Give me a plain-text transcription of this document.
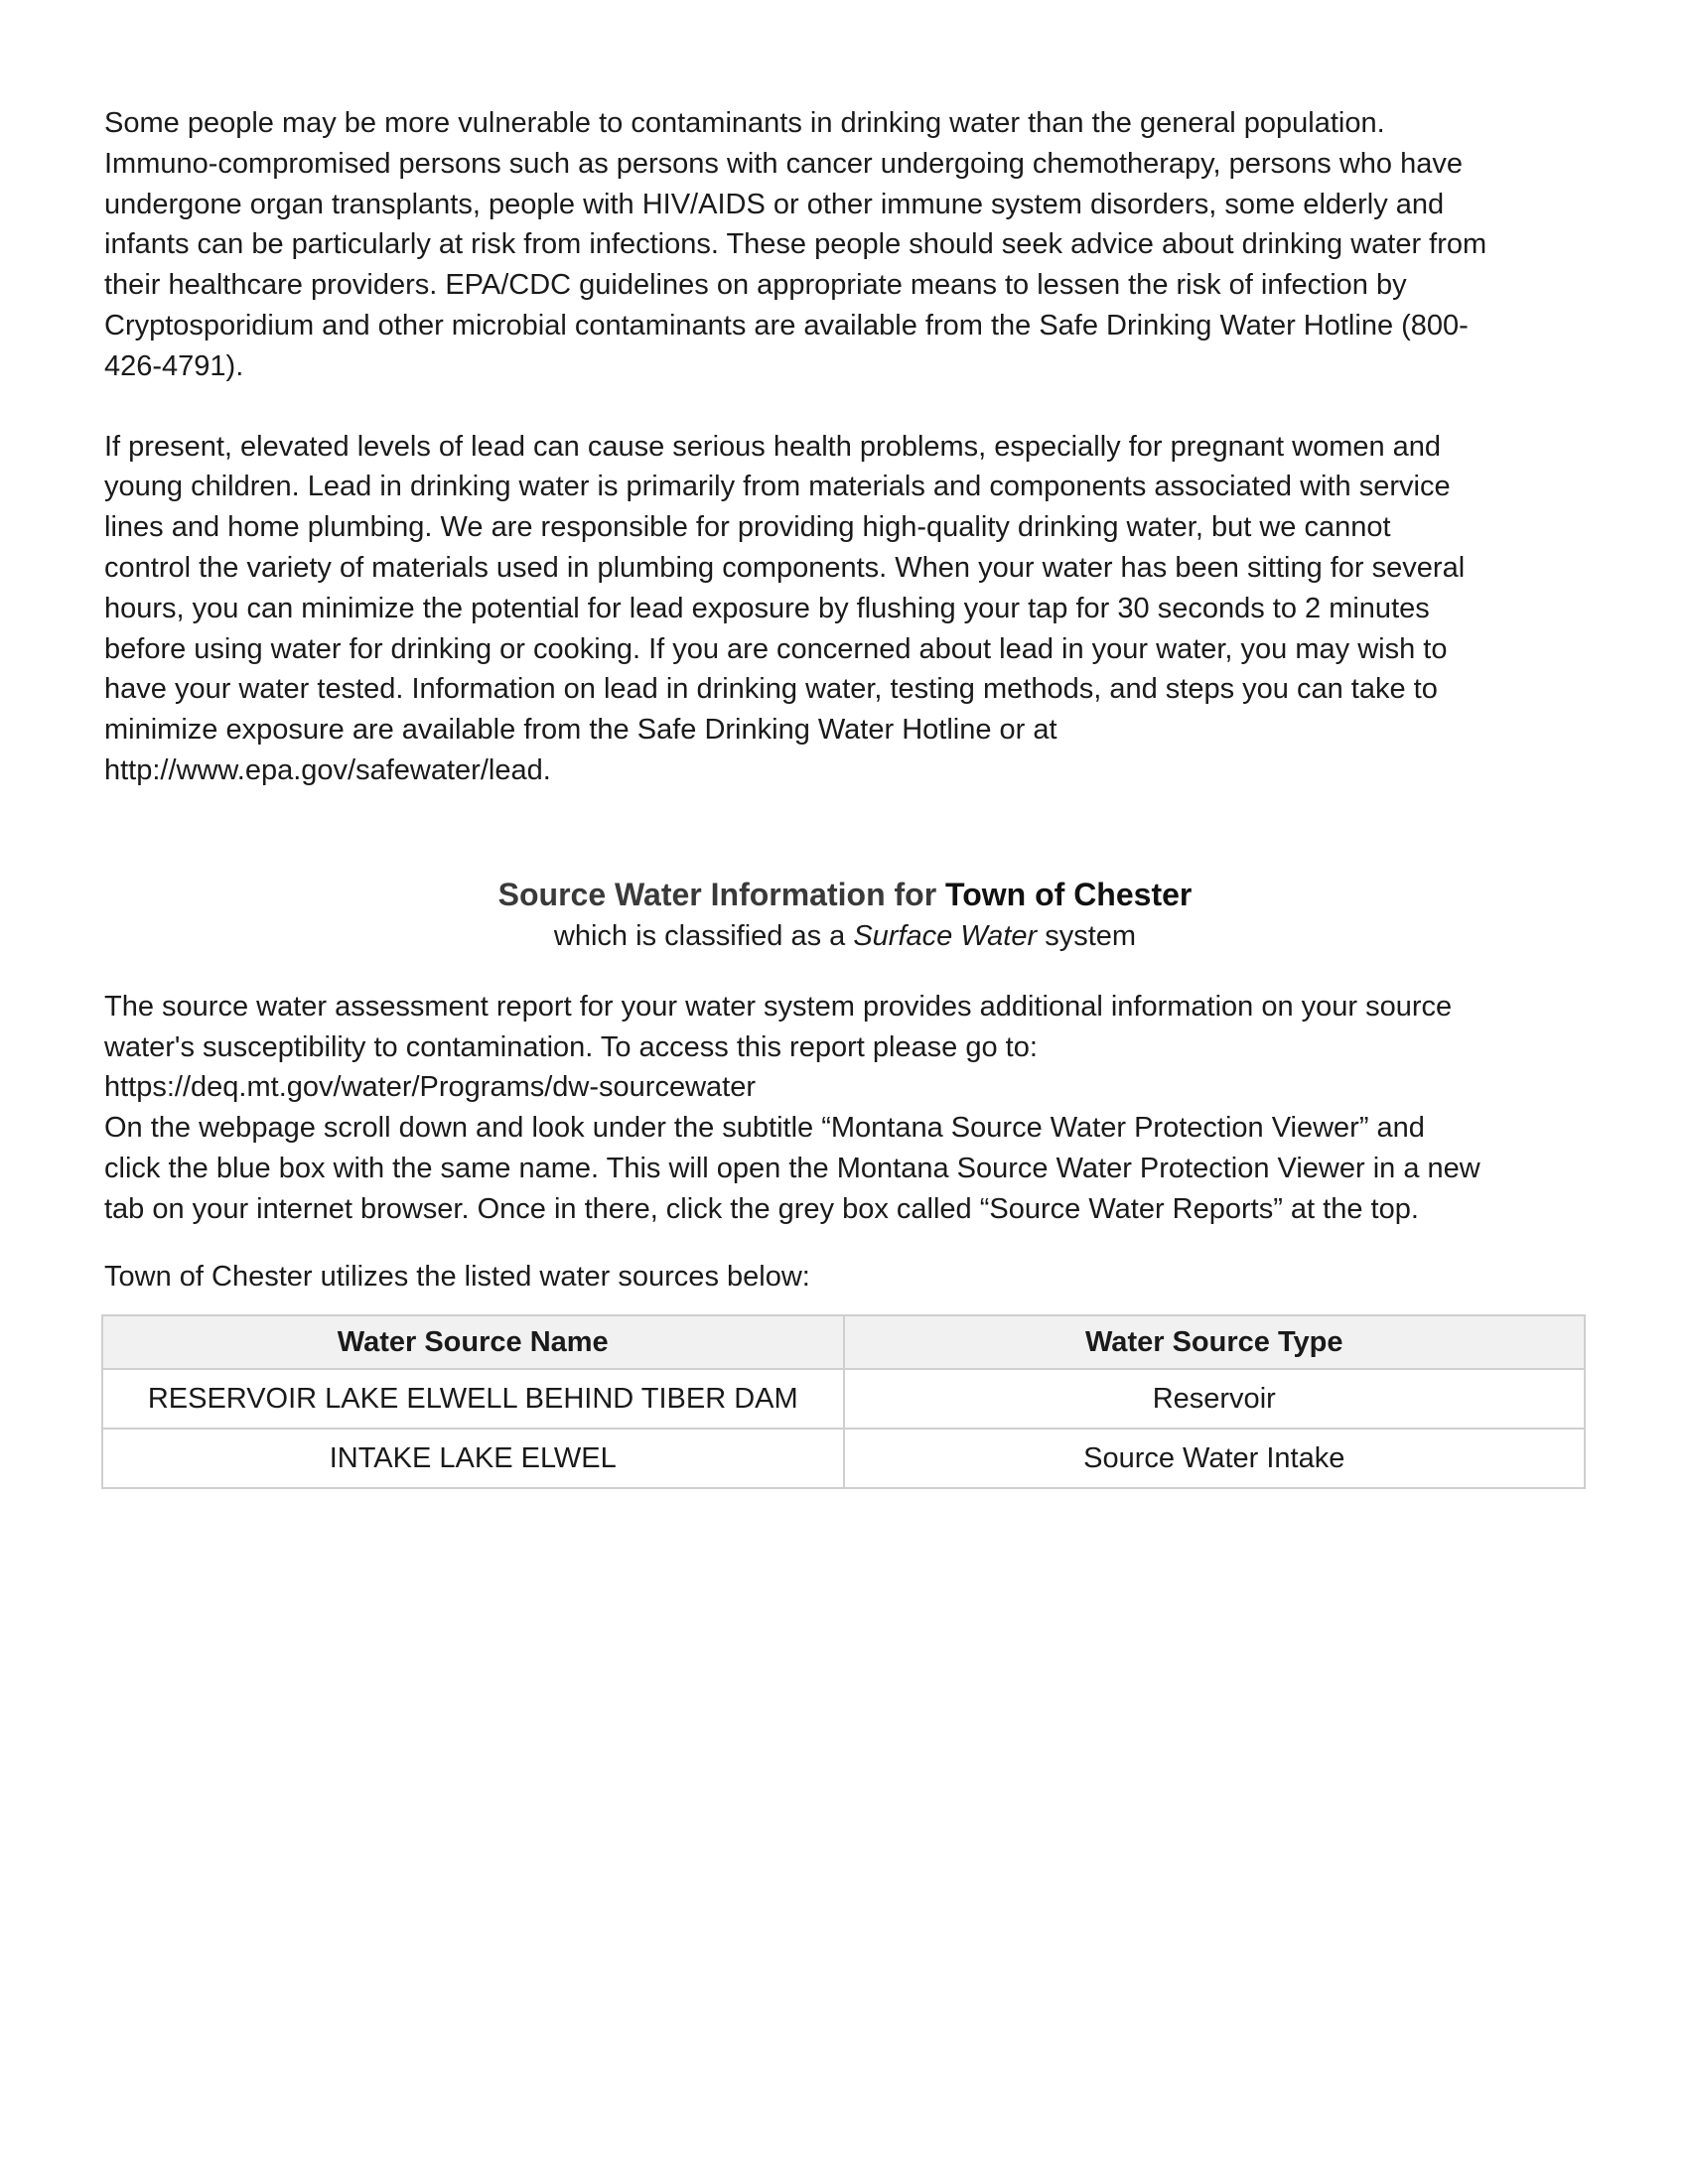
Some people may be more vulnerable to contaminants in drinking water than the general population.
Immuno-compromised persons such as persons with cancer undergoing chemotherapy, persons who have
undergone organ transplants, people with HIV/AIDS or other immune system disorders, some elderly and
infants can be particularly at risk from infections. These people should seek advice about drinking water from
their healthcare providers. EPA/CDC guidelines on appropriate means to lessen the risk of infection by
Cryptosporidium and other microbial contaminants are available from the Safe Drinking Water Hotline (800-
426-4791).

If present, elevated levels of lead can cause serious health problems, especially for pregnant women and
young children. Lead in drinking water is primarily from materials and components associated with service
lines and home plumbing. We are responsible for providing high-quality drinking water, but we cannot
control the variety of materials used in plumbing components. When your water has been sitting for several
hours, you can minimize the potential for lead exposure by flushing your tap for 30 seconds to 2 minutes
before using water for drinking or cooking. If you are concerned about lead in your water, you may wish to
have your water tested. Information on lead in drinking water, testing methods, and steps you can take to
minimize exposure are available from the Safe Drinking Water Hotline or at
http://www.epa.gov/safewater/lead.

Source Water Information for Town of Chester
which is classified as a Surface Water system

The source water assessment report for your water system provides additional information on your source
water's susceptibility to contamination. To access this report please go to:
https://deq.mt.gov/water/Programs/dw-sourcewater
On the webpage scroll down and look under the subtitle “Montana Source Water Protection Viewer” and
click the blue box with the same name. This will open the Montana Source Water Protection Viewer in a new
tab on your internet browser. Once in there, click the grey box called “Source Water Reports” at the top.

Town of Chester utilizes the listed water sources below:

Water Source Name	Water Source Type
RESERVOIR LAKE ELWELL BEHIND TIBER DAM	Reservoir
INTAKE LAKE ELWEL	Source Water Intake
